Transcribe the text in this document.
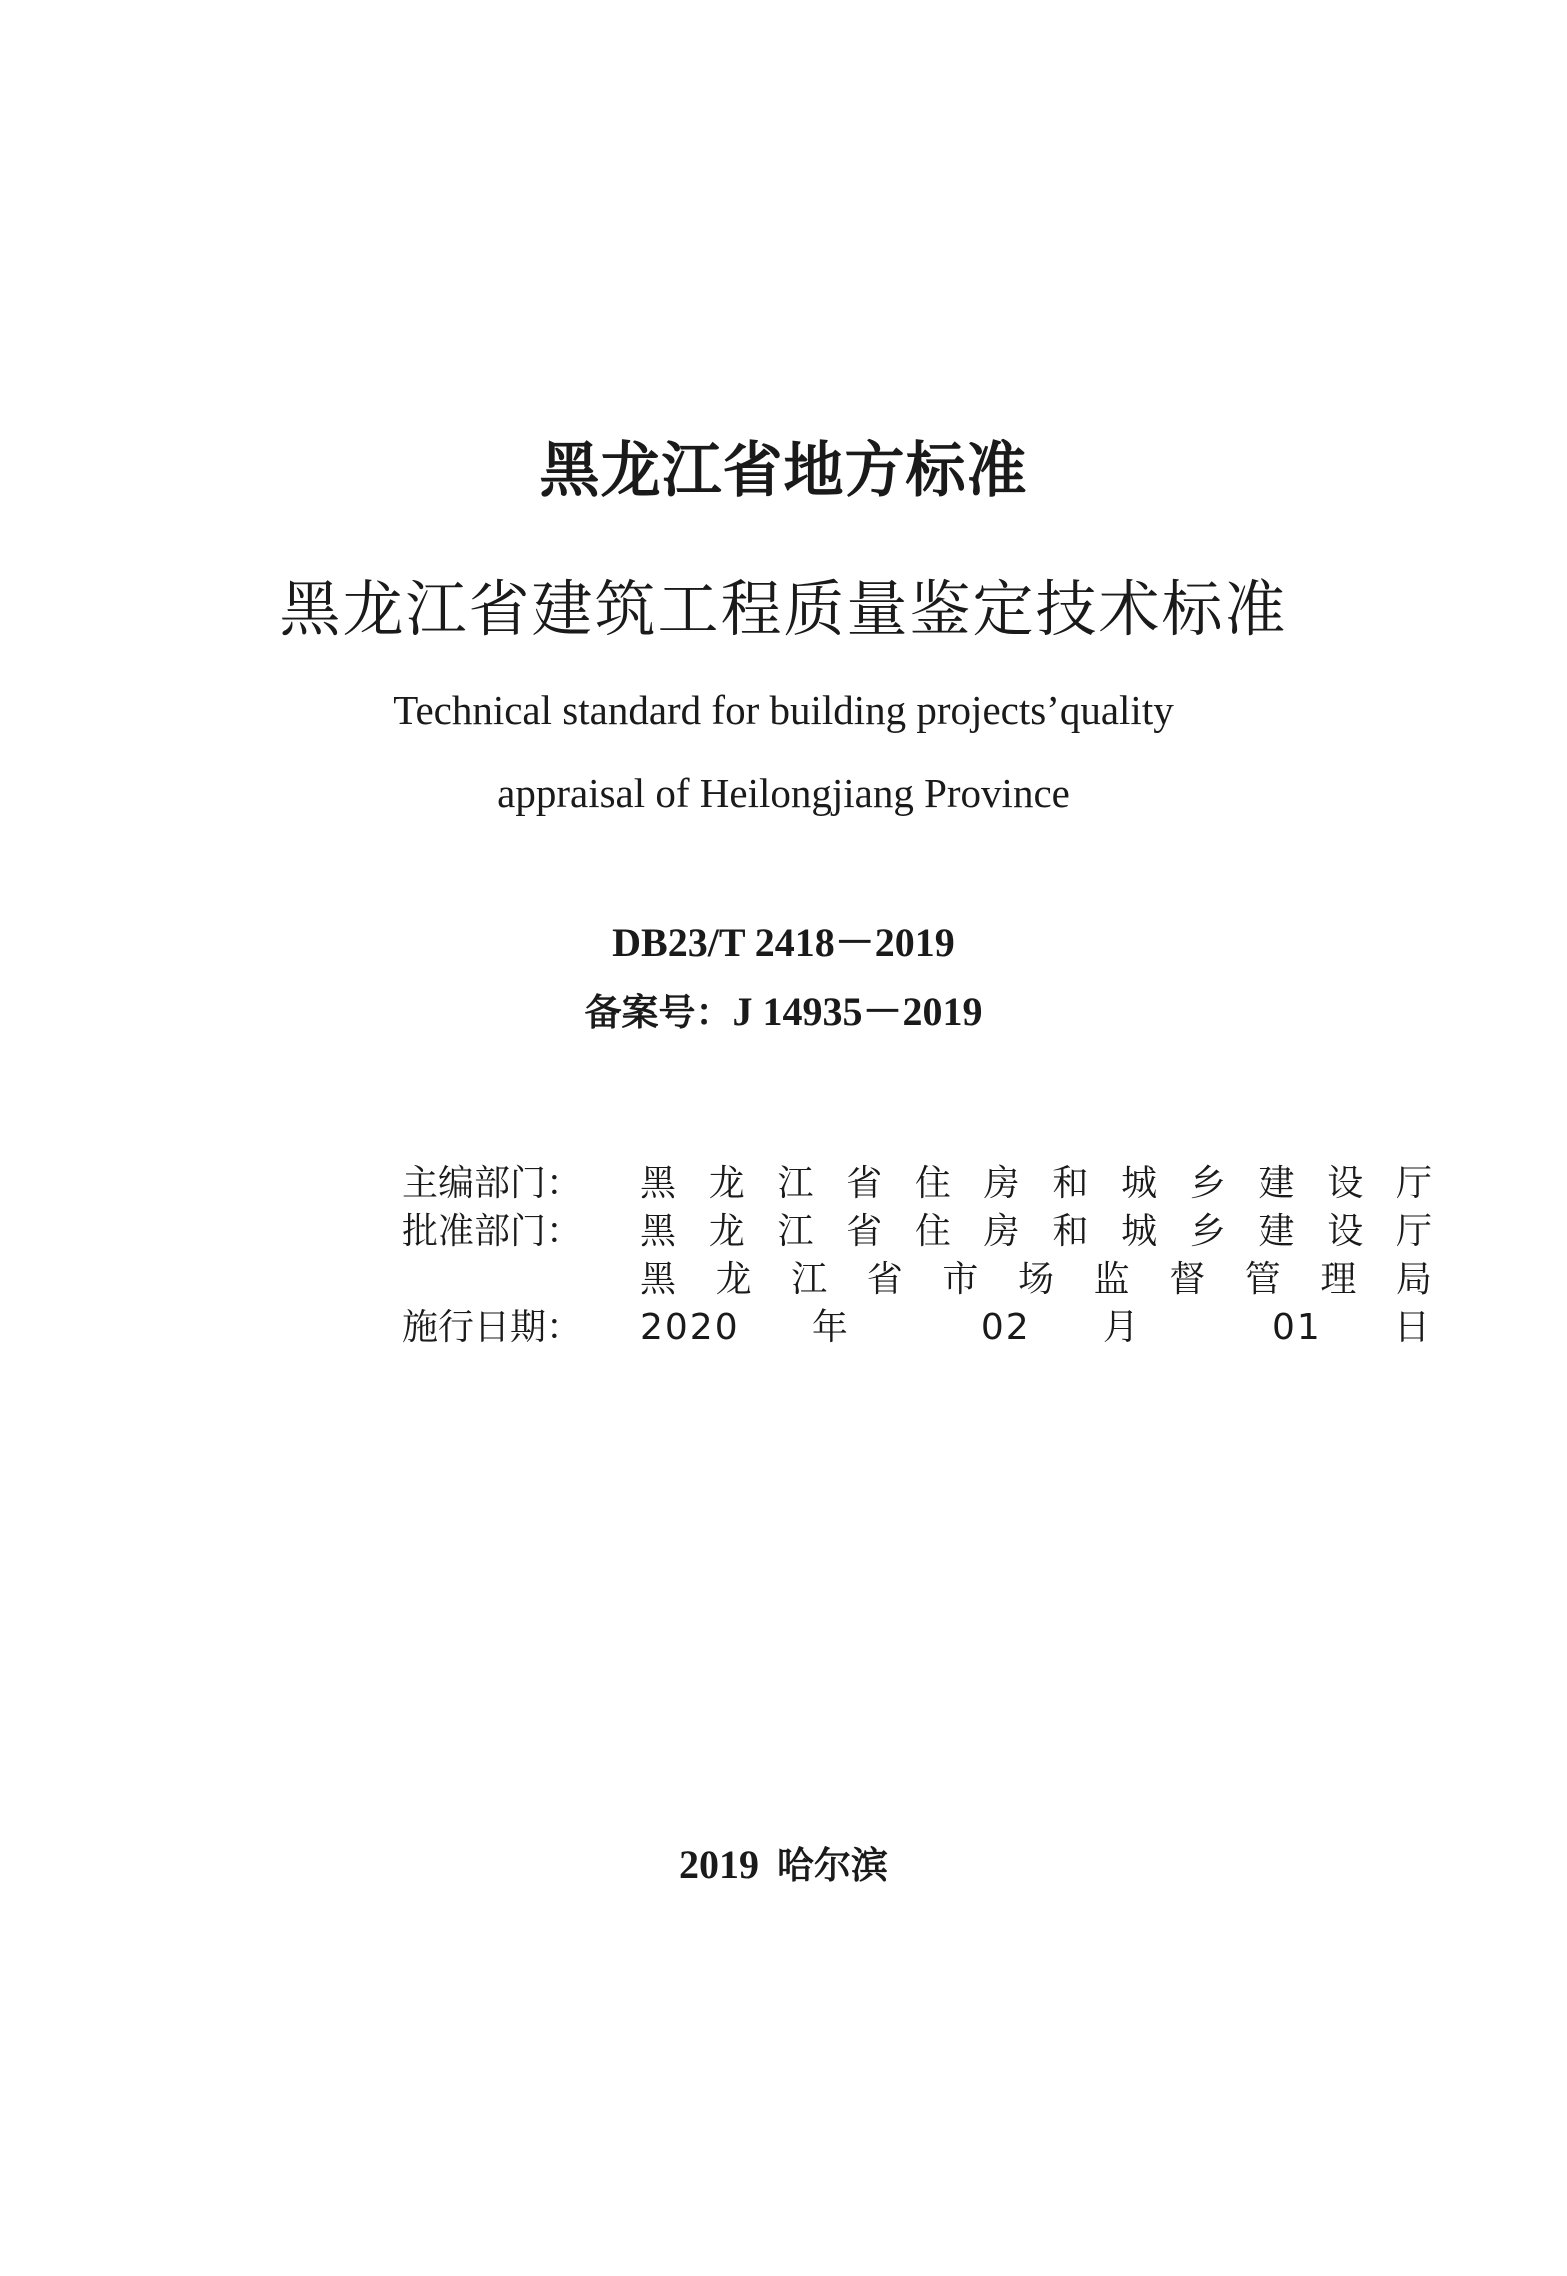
黑龙江省地方标准
黑龙江省建筑工程质量鉴定技术标准
Technical standard for building projects’quality
appraisal of Heilongjiang Province
DB23/T 2418－2019
备案号：J 14935－2019
主编部门：	黑龙江省住房和城乡建设厅
批准部门：	黑龙江省住房和城乡建设厅
黑龙江省市场监督管理局
施行日期：	2020 年 02 月 01 日
2019 哈尔滨
